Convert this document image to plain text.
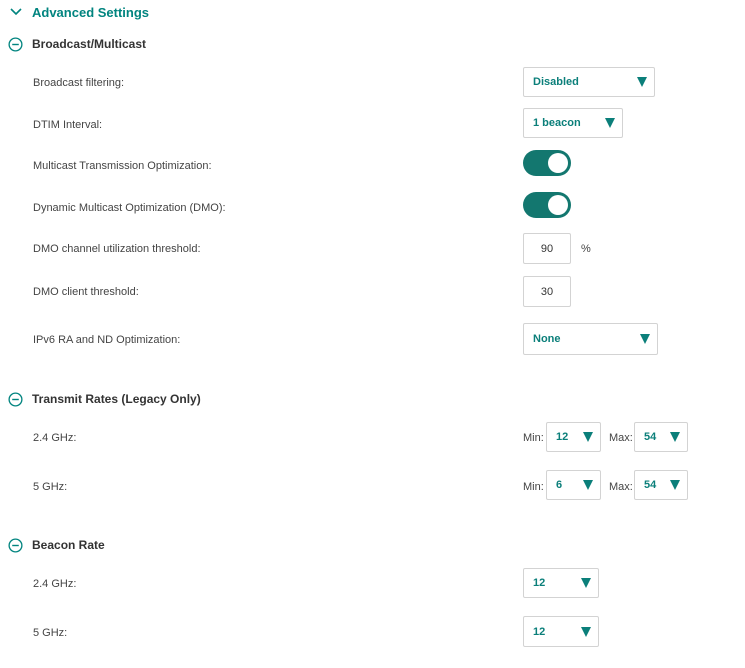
Advanced Settings
Broadcast/Multicast
Broadcast filtering:	Disabled
DTIM Interval:	1 beacon
Multicast Transmission Optimization:
Dynamic Multicast Optimization (DMO):
DMO channel utilization threshold:	90	%
DMO client threshold:	30
IPv6 RA and ND Optimization:	None
Transmit Rates (Legacy Only)
2.4 GHz:	Min: 12	Max: 54
5 GHz:	Min: 6	Max: 54
Beacon Rate
2.4 GHz:	12
5 GHz:	12
